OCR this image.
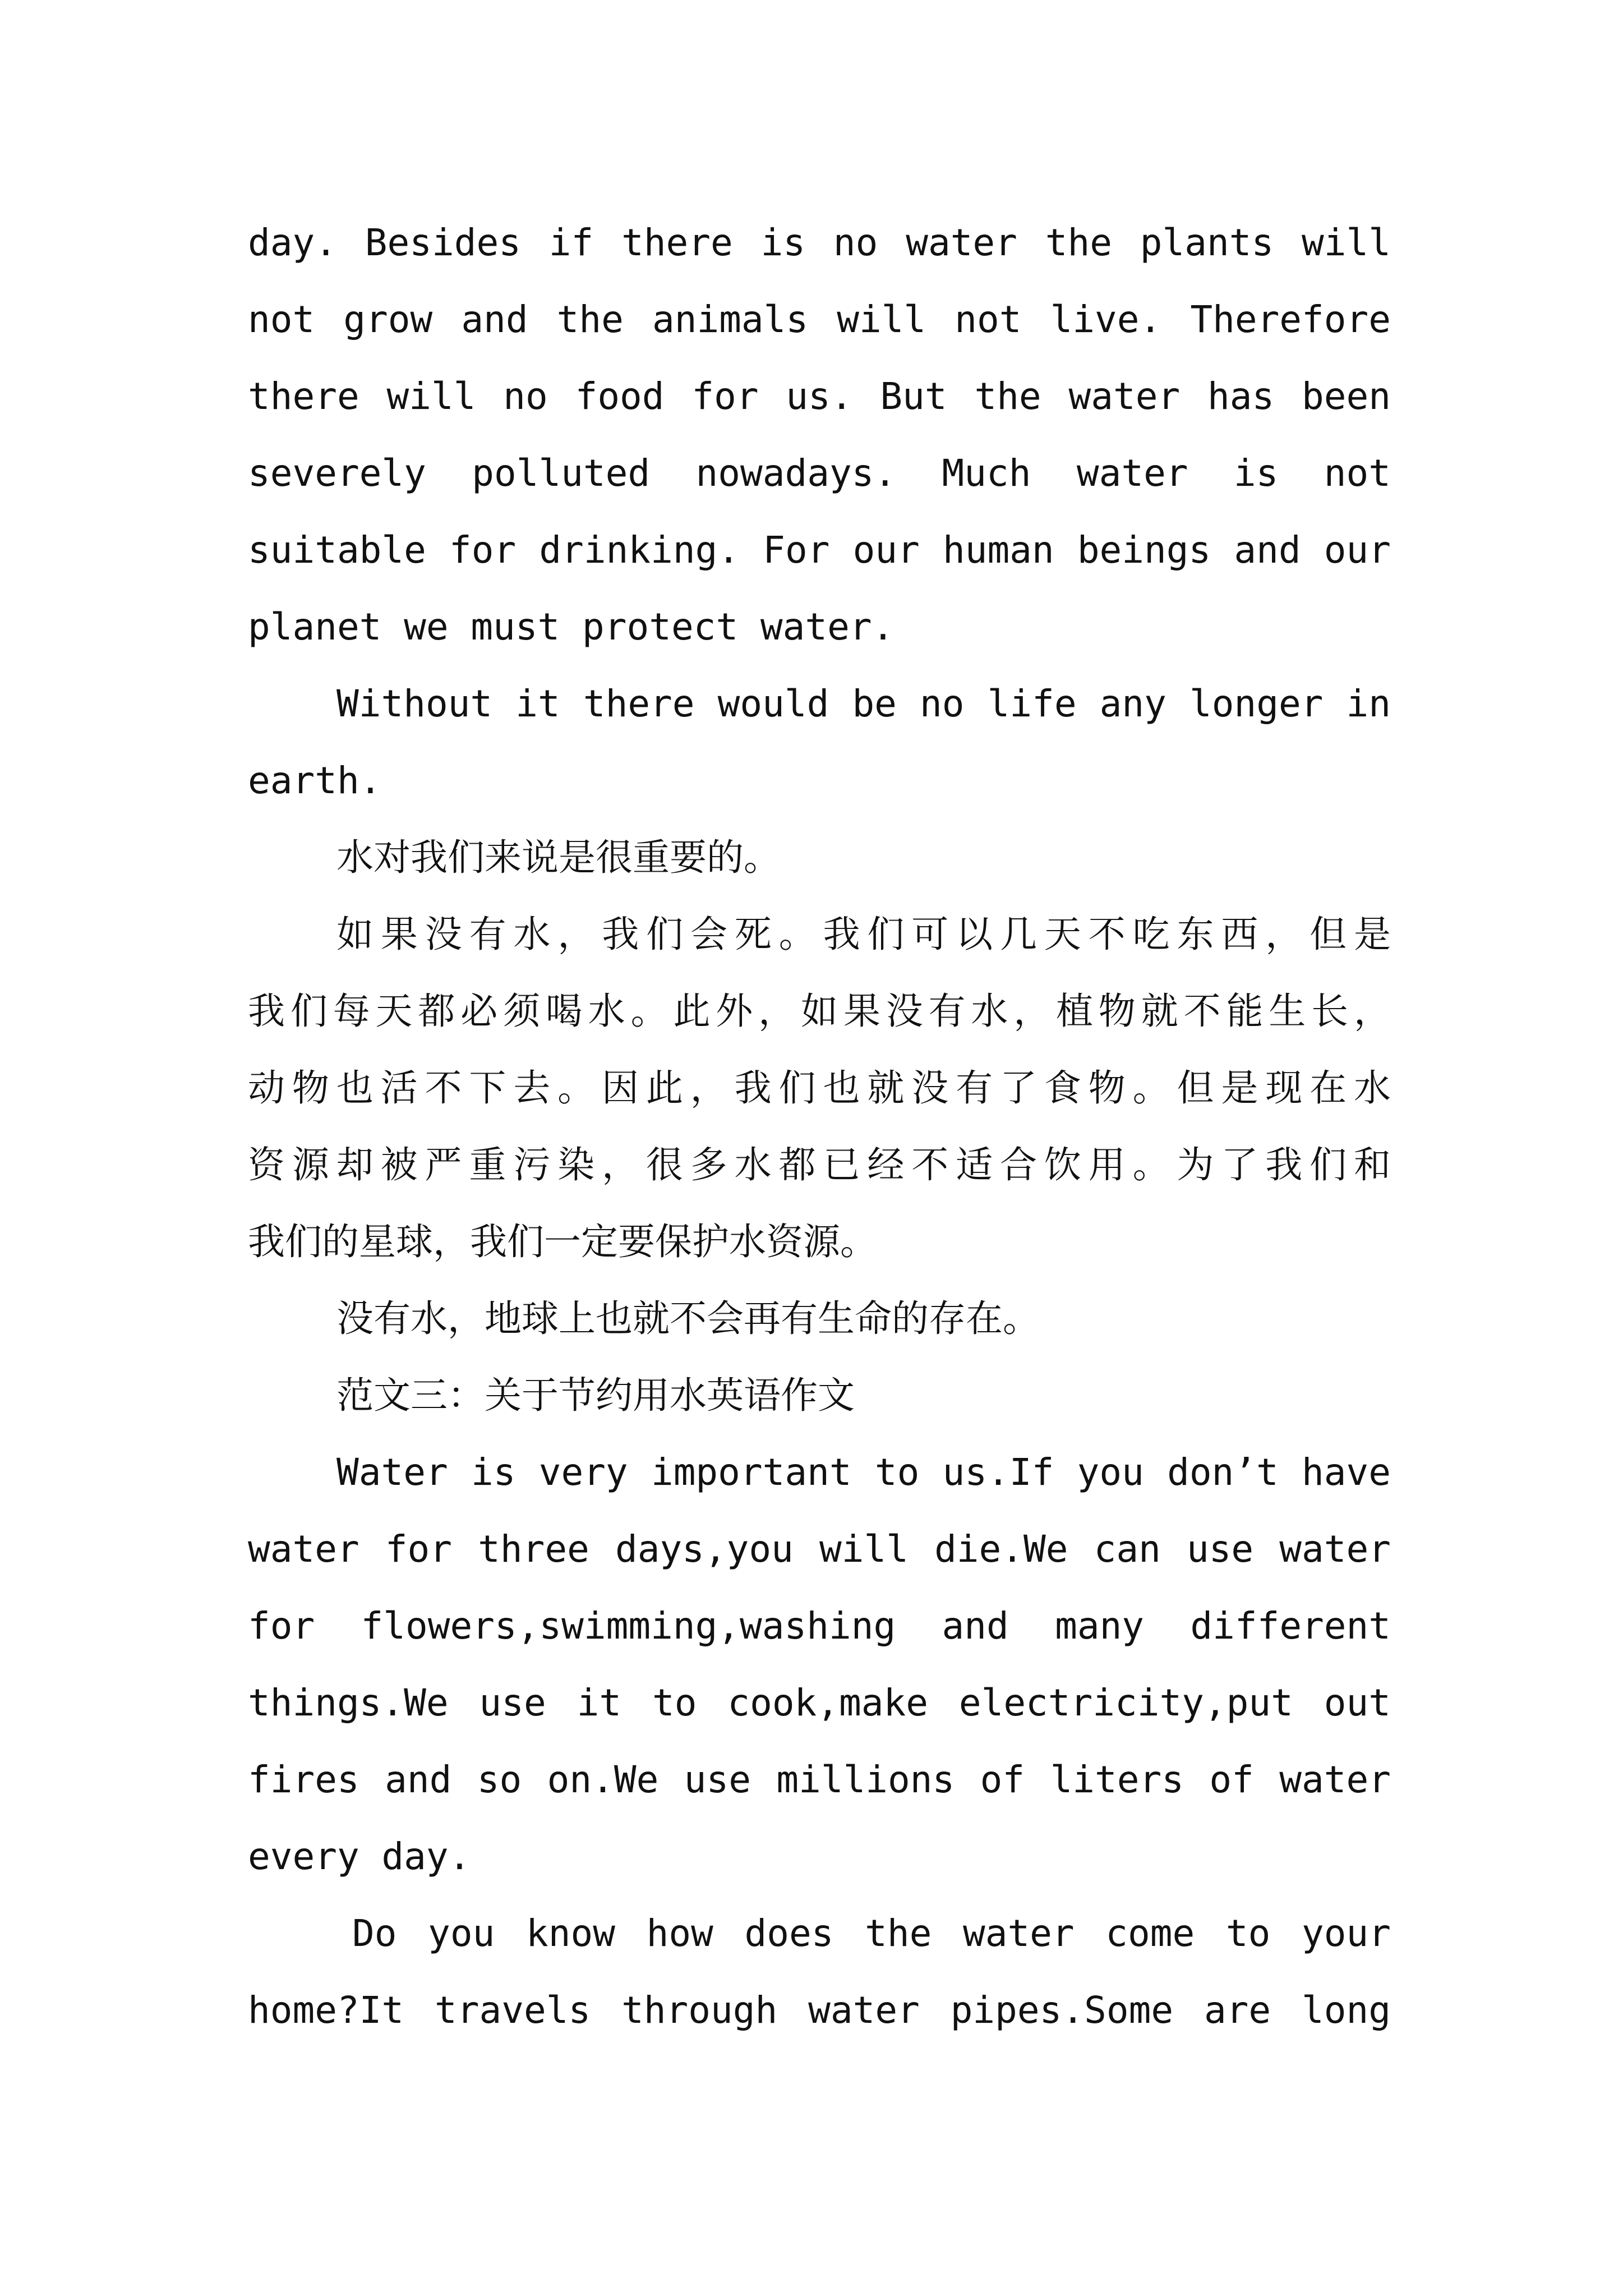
day. Besides if there is no water the plants will
not grow and the animals will not live. Therefore
there will no food for us. But the water has been
severely polluted nowadays. Much water is not
suitable for drinking. For our human beings and our
planet we must protect water.
Without it there would be no life any longer in
earth.
水对我们来说是很重要的。
如果没有水，我们会死。我们可以几天不吃东西，但是
我们每天都必须喝水。此外，如果没有水，植物就不能生长，
动物也活不下去。因此，我们也就没有了食物。但是现在水
资源却被严重污染，很多水都已经不适合饮用。为了我们和
我们的星球，我们一定要保护水资源。
没有水，地球上也就不会再有生命的存在。
范文三：关于节约用水英语作文
Water is very important to us.If you don’t have
water for three days,you will die.We can use water
for flowers,swimming,washing and many different
things.We use it to cook,make electricity,put out
fires and so on.We use millions of liters of water
every day.
Do you know how does the water come to your
home?It travels through water pipes.Some are long
